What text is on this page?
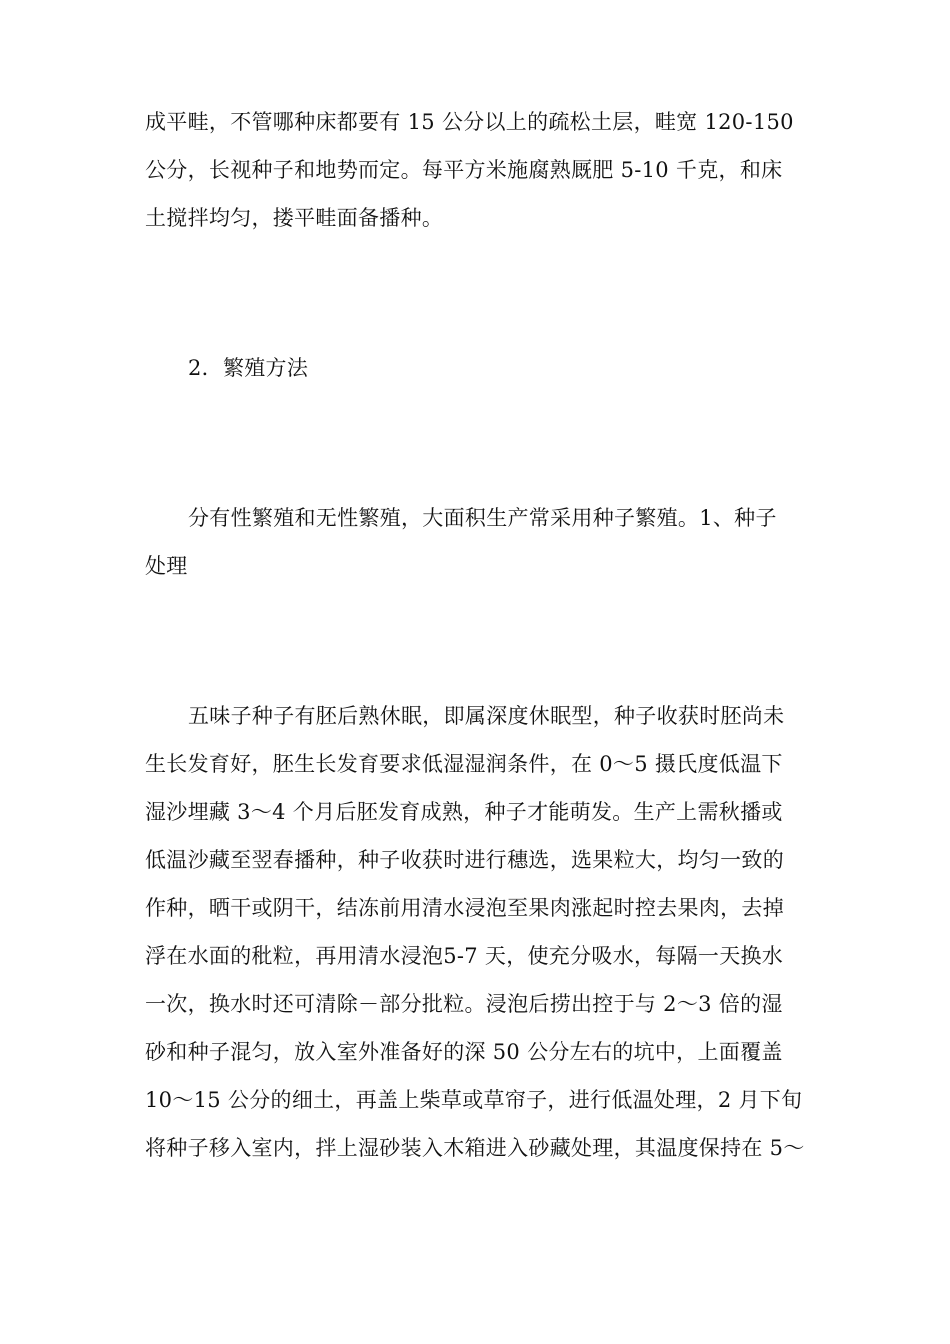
成平畦，不管哪种床都要有 15 公分以上的疏松土层，畦宽 120-150
公分，长视种子和地势而定。每平方米施腐熟厩肥 5-10 千克，和床
土搅拌均匀，搂平畦面备播种。
2．繁殖方法
分有性繁殖和无性繁殖，大面积生产常采用种子繁殖。1、种子
处理
五味子种子有胚后熟休眠，即属深度休眠型，种子收获时胚尚未
生长发育好，胚生长发育要求低湿湿润条件，在 0～5 摄氏度低温下
湿沙埋藏 3～4 个月后胚发育成熟，种子才能萌发。生产上需秋播或
低温沙藏至翌春播种，种子收获时进行穗选，选果粒大，均匀一致的
作种，晒干或阴干，结冻前用清水浸泡至果肉涨起时控去果肉，去掉
浮在水面的秕粒，再用清水浸泡5-7 天，使充分吸水，每隔一天换水
一次，换水时还可清除－部分批粒。浸泡后捞出控于与 2～3 倍的湿
砂和种子混匀，放入室外准备好的深 50 公分左右的坑中，上面覆盖
10～15 公分的细土，再盖上柴草或草帘子，进行低温处理，2 月下旬
将种子移入室内，拌上湿砂装入木箱进入砂藏处理，其温度保持在 5～
